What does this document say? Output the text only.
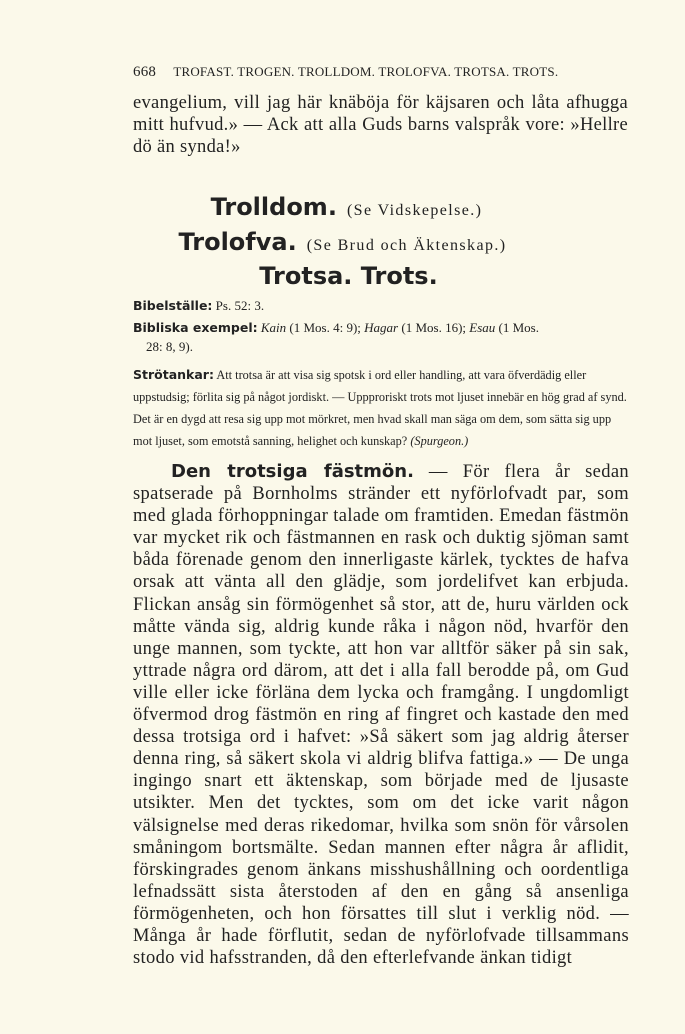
668 TROFAST. TROGEN. TROLLDOM. TROLOFVA. TROTSA. TROTS.
evangelium, vill jag här knäböja för käjsaren och låta afhugga mitt hufvud.» — Ack att alla Guds barns valspråk vore: »Hellre dö än synda!»
Trolldom. (Se Vidskepelse.)
Trolofva. (Se Brud och Äktenskap.)
Trotsa. Trots.
Bibelställe: Ps. 52: 3.
Bibliska exempel: Kain (1 Mos. 4: 9); Hagar (1 Mos. 16); Esau (1 Mos.
28: 8, 9).
Strötankar: Att trotsa är att visa sig spotsk i ord eller handling, att vara öfverdädig eller uppstudsig; förlita sig på något jordiskt. — Uppproriskt trots mot ljuset innebär en hög grad af synd. Det är en dygd att resa sig upp mot mörkret, men hvad skall man säga om dem, som sätta sig upp mot ljuset, som emotstå sanning, helighet och kunskap? (Spurgeon.)
Den trotsiga fästmön. — För flera år sedan spatserade på Bornholms stränder ett nyförlofvadt par, som med glada förhoppningar talade om framtiden. Emedan fästmön var mycket rik och fästmannen en rask och duktig sjöman samt båda förenade genom den innerligaste kärlek, tycktes de hafva orsak att vänta all den glädje, som jordelifvet kan erbjuda. Flickan ansåg sin förmögenhet så stor, att de, huru världen ock måtte vända sig, aldrig kunde råka i någon nöd, hvarför den unge mannen, som tyckte, att hon var alltför säker på sin sak, yttrade några ord därom, att det i alla fall berodde på, om Gud ville eller icke förläna dem lycka och framgång. I ungdomligt öfvermod drog fästmön en ring af fingret och kastade den med dessa trotsiga ord i hafvet: »Så säkert som jag aldrig återser denna ring, så säkert skola vi aldrig blifva fattiga.» — De unga ingingo snart ett äktenskap, som började med de ljusaste utsikter. Men det tycktes, som om det icke varit någon välsignelse med deras rikedomar, hvilka som snön för vårsolen småningom bortsmälte. Sedan mannen efter några år aflidit, förskingrades genom änkans misshushållning och oordentliga lefnadssätt sista återstoden af den en gång så ansenliga förmögenheten, och hon försattes till slut i verklig nöd. — Många år hade förflutit, sedan de nyförlofvade tillsammans stodo vid hafsstranden, då den efterlefvande änkan tidigt
